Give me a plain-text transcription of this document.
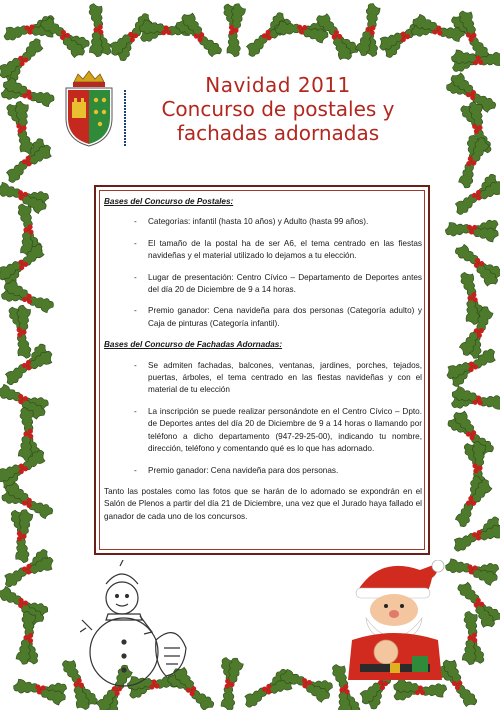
Navidad 2011
Concurso de postales y
fachadas adornadas
Bases del Concurso de Postales:
- Categorías: infantil (hasta 10 años) y Adulto (hasta 99 años).
- El tamaño de la postal ha de ser A6, el tema centrado en las fiestas navideñas y el material utilizado lo dejamos a tu elección.
- Lugar de presentación: Centro Cívico – Departamento de Deportes antes del día 20 de Diciembre de 9 a 14 horas.
- Premio ganador: Cena navideña para dos personas (Categoría adulto) y Caja de pinturas (Categoría infantil).
Bases del Concurso de Fachadas Adornadas:
- Se admiten fachadas, balcones, ventanas, jardines, porches, tejados, puertas, árboles, el tema centrado en las fiestas navideñas y con el material de tu elección
- La inscripción se puede realizar personándote en el Centro Cívico – Dpto. de Deportes antes del día 20 de Diciembre de 9 a 14 horas o llamando por teléfono a dicho departamento (947-29-25-00), indicando tu nombre, dirección, teléfono y comentando qué es lo que has adornado.
- Premio ganador: Cena navideña para dos personas.
Tanto las postales como las fotos que se harán de lo adornado se expondrán en el Salón de Plenos a partir del día 21 de Diciembre, una vez que el Jurado haya fallado el ganador de cada uno de los concursos.
